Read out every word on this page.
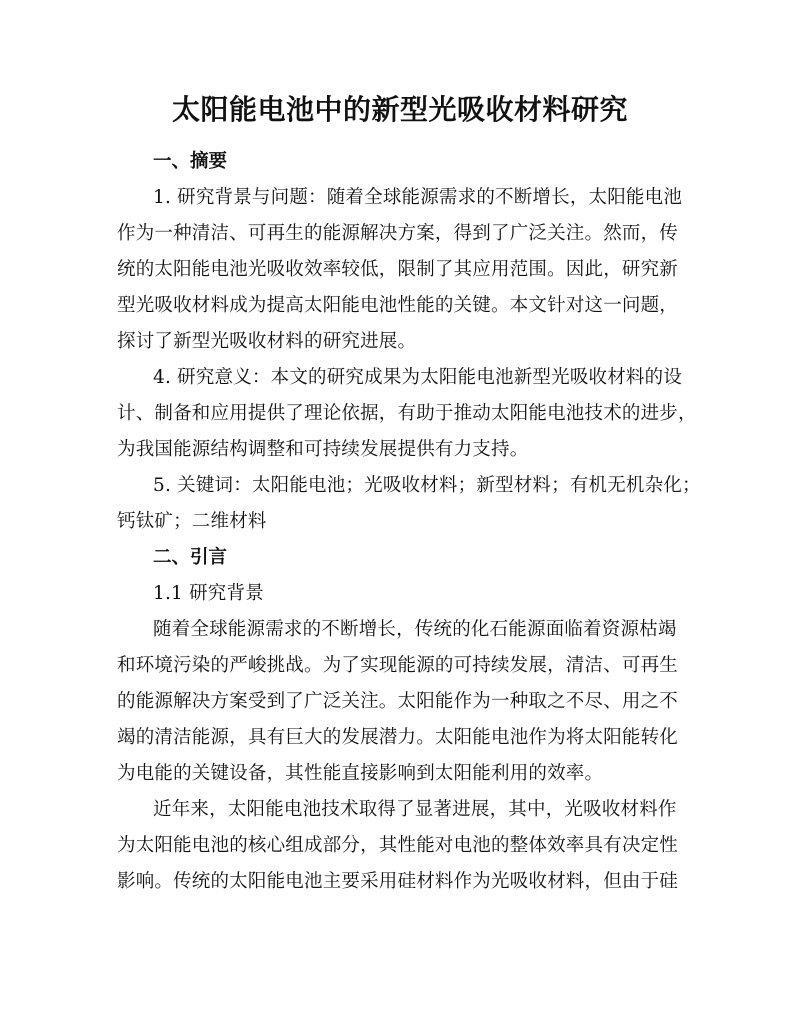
太阳能电池中的新型光吸收材料研究
一、摘要
1. 研究背景与问题：随着全球能源需求的不断增长，太阳能电池
作为一种清洁、可再生的能源解决方案，得到了广泛关注。然而，传
统的太阳能电池光吸收效率较低，限制了其应用范围。因此，研究新
型光吸收材料成为提高太阳能电池性能的关键。本文针对这一问题，
探讨了新型光吸收材料的研究进展。
4. 研究意义：本文的研究成果为太阳能电池新型光吸收材料的设
计、制备和应用提供了理论依据，有助于推动太阳能电池技术的进步，
为我国能源结构调整和可持续发展提供有力支持。
5. 关键词：太阳能电池；光吸收材料；新型材料；有机无机杂化；
钙钛矿；二维材料
二、引言
1.1 研究背景
随着全球能源需求的不断增长，传统的化石能源面临着资源枯竭
和环境污染的严峻挑战。为了实现能源的可持续发展，清洁、可再生
的能源解决方案受到了广泛关注。太阳能作为一种取之不尽、用之不
竭的清洁能源，具有巨大的发展潜力。太阳能电池作为将太阳能转化
为电能的关键设备，其性能直接影响到太阳能利用的效率。
近年来，太阳能电池技术取得了显著进展，其中，光吸收材料作
为太阳能电池的核心组成部分，其性能对电池的整体效率具有决定性
影响。传统的太阳能电池主要采用硅材料作为光吸收材料，但由于硅
